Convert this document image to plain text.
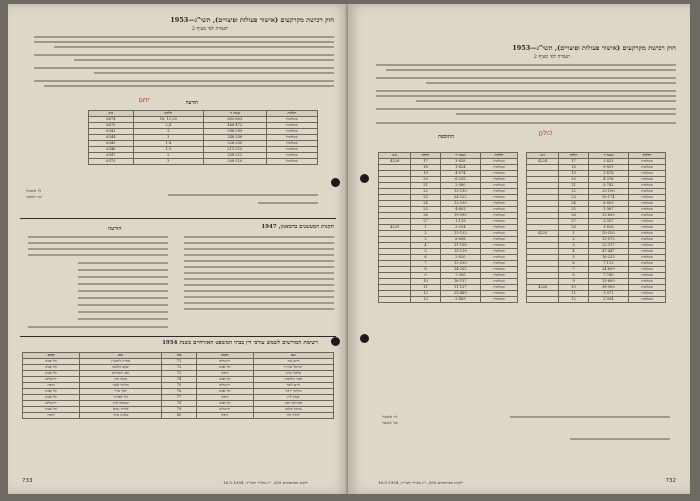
חוק רכישת מקרקעים (אישור פעולות ופיצויים), תשי"ג—1953
תעודה לפי סעיף 2
יחס	הודעה
חלקות	שטח ד׳	חלקה	גוש
בשלמות	652-653	11,20 ,18	6674
בשלמות	468-472	2,4	6675
בשלמות	396-399	3	6343
בשלמות	246-250	3	6344
בשלמות	226-230	1-4	6345
בשלמות	211-215	1-3	6346
בשלמות	208-212	2	6347
בשלמות	208-210	3	6372
לוי אשכול
שר האוצר
תקנות המעשנים ברמאנון, 1947
הודעה
רשימת המורשים לשמש עורכי דין בבתי המשפט האזרחיים בשנת 1954
שם	מקום	מס׳	שם	מקום
חיים עזר	ירושלים	71	אהרון ליפשיץ	תל אביב
ישראל שוורץ	תל אביב	72	יעקב קלמנס	תל אביב
שלמה אייזן	חיפה	73	זאב ורטהיים	תל אביב
אשר גולדברג	תל אביב	74	משה כהן	ירושלים
חיים ליבר	ירושלים	75	מרדכי לבנה	חיפה
מרדכי ירדני	תל אביב	76	יוסף ארזי	תל אביב
יצחק לוין	חיפה	77	דוד אפרתי	תל אביב
אברהם רובין	תל אביב	78	שמואל פרץ	ירושלים
בנימין שלום	ירושלים	79	אליהו נחום	תל אביב
יהודה קרן	חיפה	80	שלמה ברגר	חיפה
733	ילקוט הפרסומים 355, י"ג באייר תשי"ד, 16.5.1954
חוק רכישת מקרקעים (אישור פעולות ופיצויים), תשי"ג—1953
תעודה לפי סעיף 2
כולם
התוספת
חלקות	שטח ד׳	חלקה	גוש
בשלמות	3-638	17	4228
בשלמות	1-424	18	
בשלמות	4-074	19	
בשלמות	6-235	20	
בשלמות	2-080	21	
בשלמות	13-130	22	
בשלמות	34-222	23	
בשלמות	12-100	24	
בשלמות	4-802	25	
בשלמות	19-090	26	
בשלמות	1-135	27	
בשלמות	3-314	1	4229
בשלמות	11-133	2	
בשלמות	8-608	3	
בשלמות	11-198	4	
בשלמות	15-119	5	
בשלמות	2-820	6	
בשלמות	12-030	7	
בשלמות	14-202	8	
בשלמות	7-300	9	
בשלמות	16-137	10	
בשלמות	11-137	11	
בשלמות	25-489	12	
בשלמות	2-489	13	
חלקות	שטח ד׳	חלקה	גוש
בשלמות	2-433	17	4224
בשלמות	0-851	18	
בשלמות	3-478	19	
בשלמות	4-376	20	
בשלמות	5-742	21	
בשלמות	23-100	22	
בשלמות	10-174	23	
בשלמות	6-803	24	
בשלמות	1-367	25	
בשלמות	13-650	26	
בשלמות	3-307	27	
בשלמות	1-828	28	
בשלמות	10-520	1	4225
בשלמות	12-072	2	
בשלמות	22-377	3	
בשלמות	47-447	4	
בשלמות	16-325	5	
בשלמות	7-112	6	
בשלמות	24-609	7	
בשלמות	7-749	8	
בשלמות	15-600	9	
בשלמות	18-900	10	4226
בשלמות	1-071	11	
בשלמות	2-004	12	
לוי אשכול
שר האוצר
732
ילקוט הפרסומים 355, י"ג באייר תשי"ד, 16.5.1954
